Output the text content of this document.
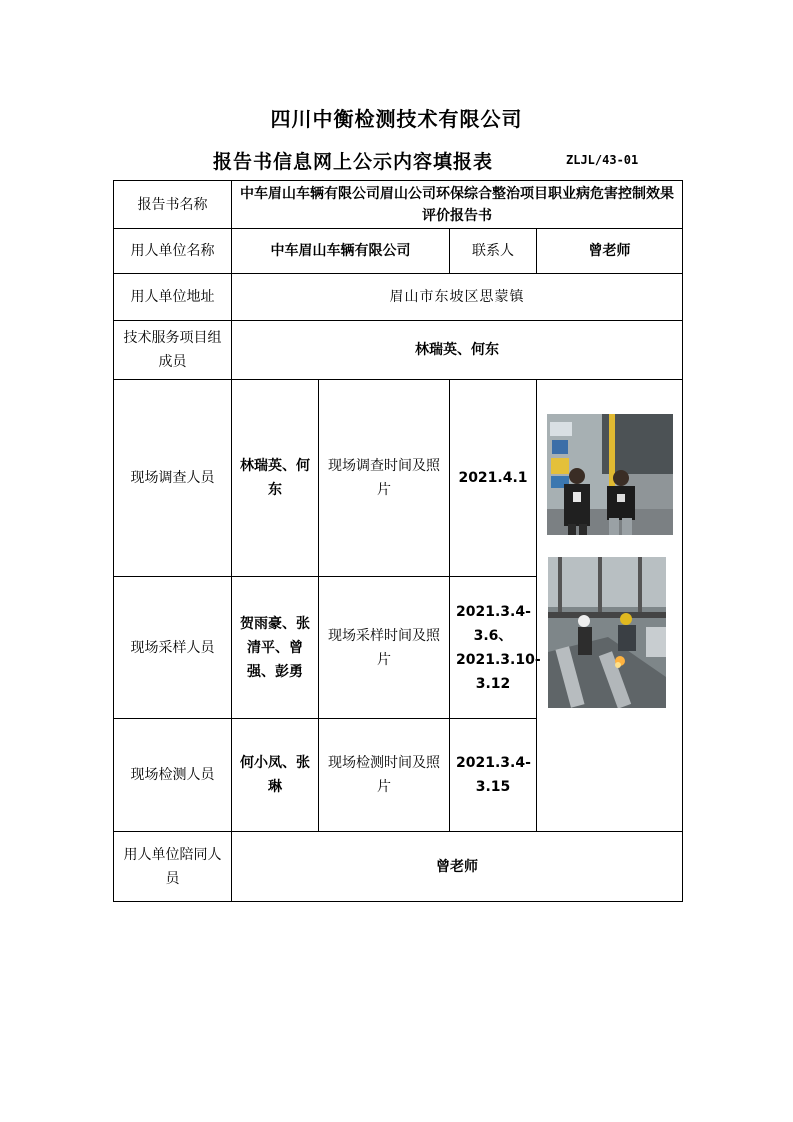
四川中衡检测技术有限公司
报告书信息网上公示内容填报表	ZLJL/43-01
报告书名称	中车眉山车辆有限公司眉山公司环保综合整治项目职业病危害控制效果评价报告书			
用人单位名称	中车眉山车辆有限公司		联系人	曾老师
用人单位地址	眉山市东坡区思蒙镇			
技术服务项目组成员	林瑞英、何东			
现场调查人员	林瑞英、何东	现场调查时间及照片	2021.4.1	

现场采样人员	贺雨豪、张清平、曾强、彭勇	现场采样时间及照片	2021.3.4-3.6、2021.3.10-3.12	
现场检测人员	何小凤、张琳	现场检测时间及照片	2021.3.4-3.15	
用人单位陪同人员	曾老师			
